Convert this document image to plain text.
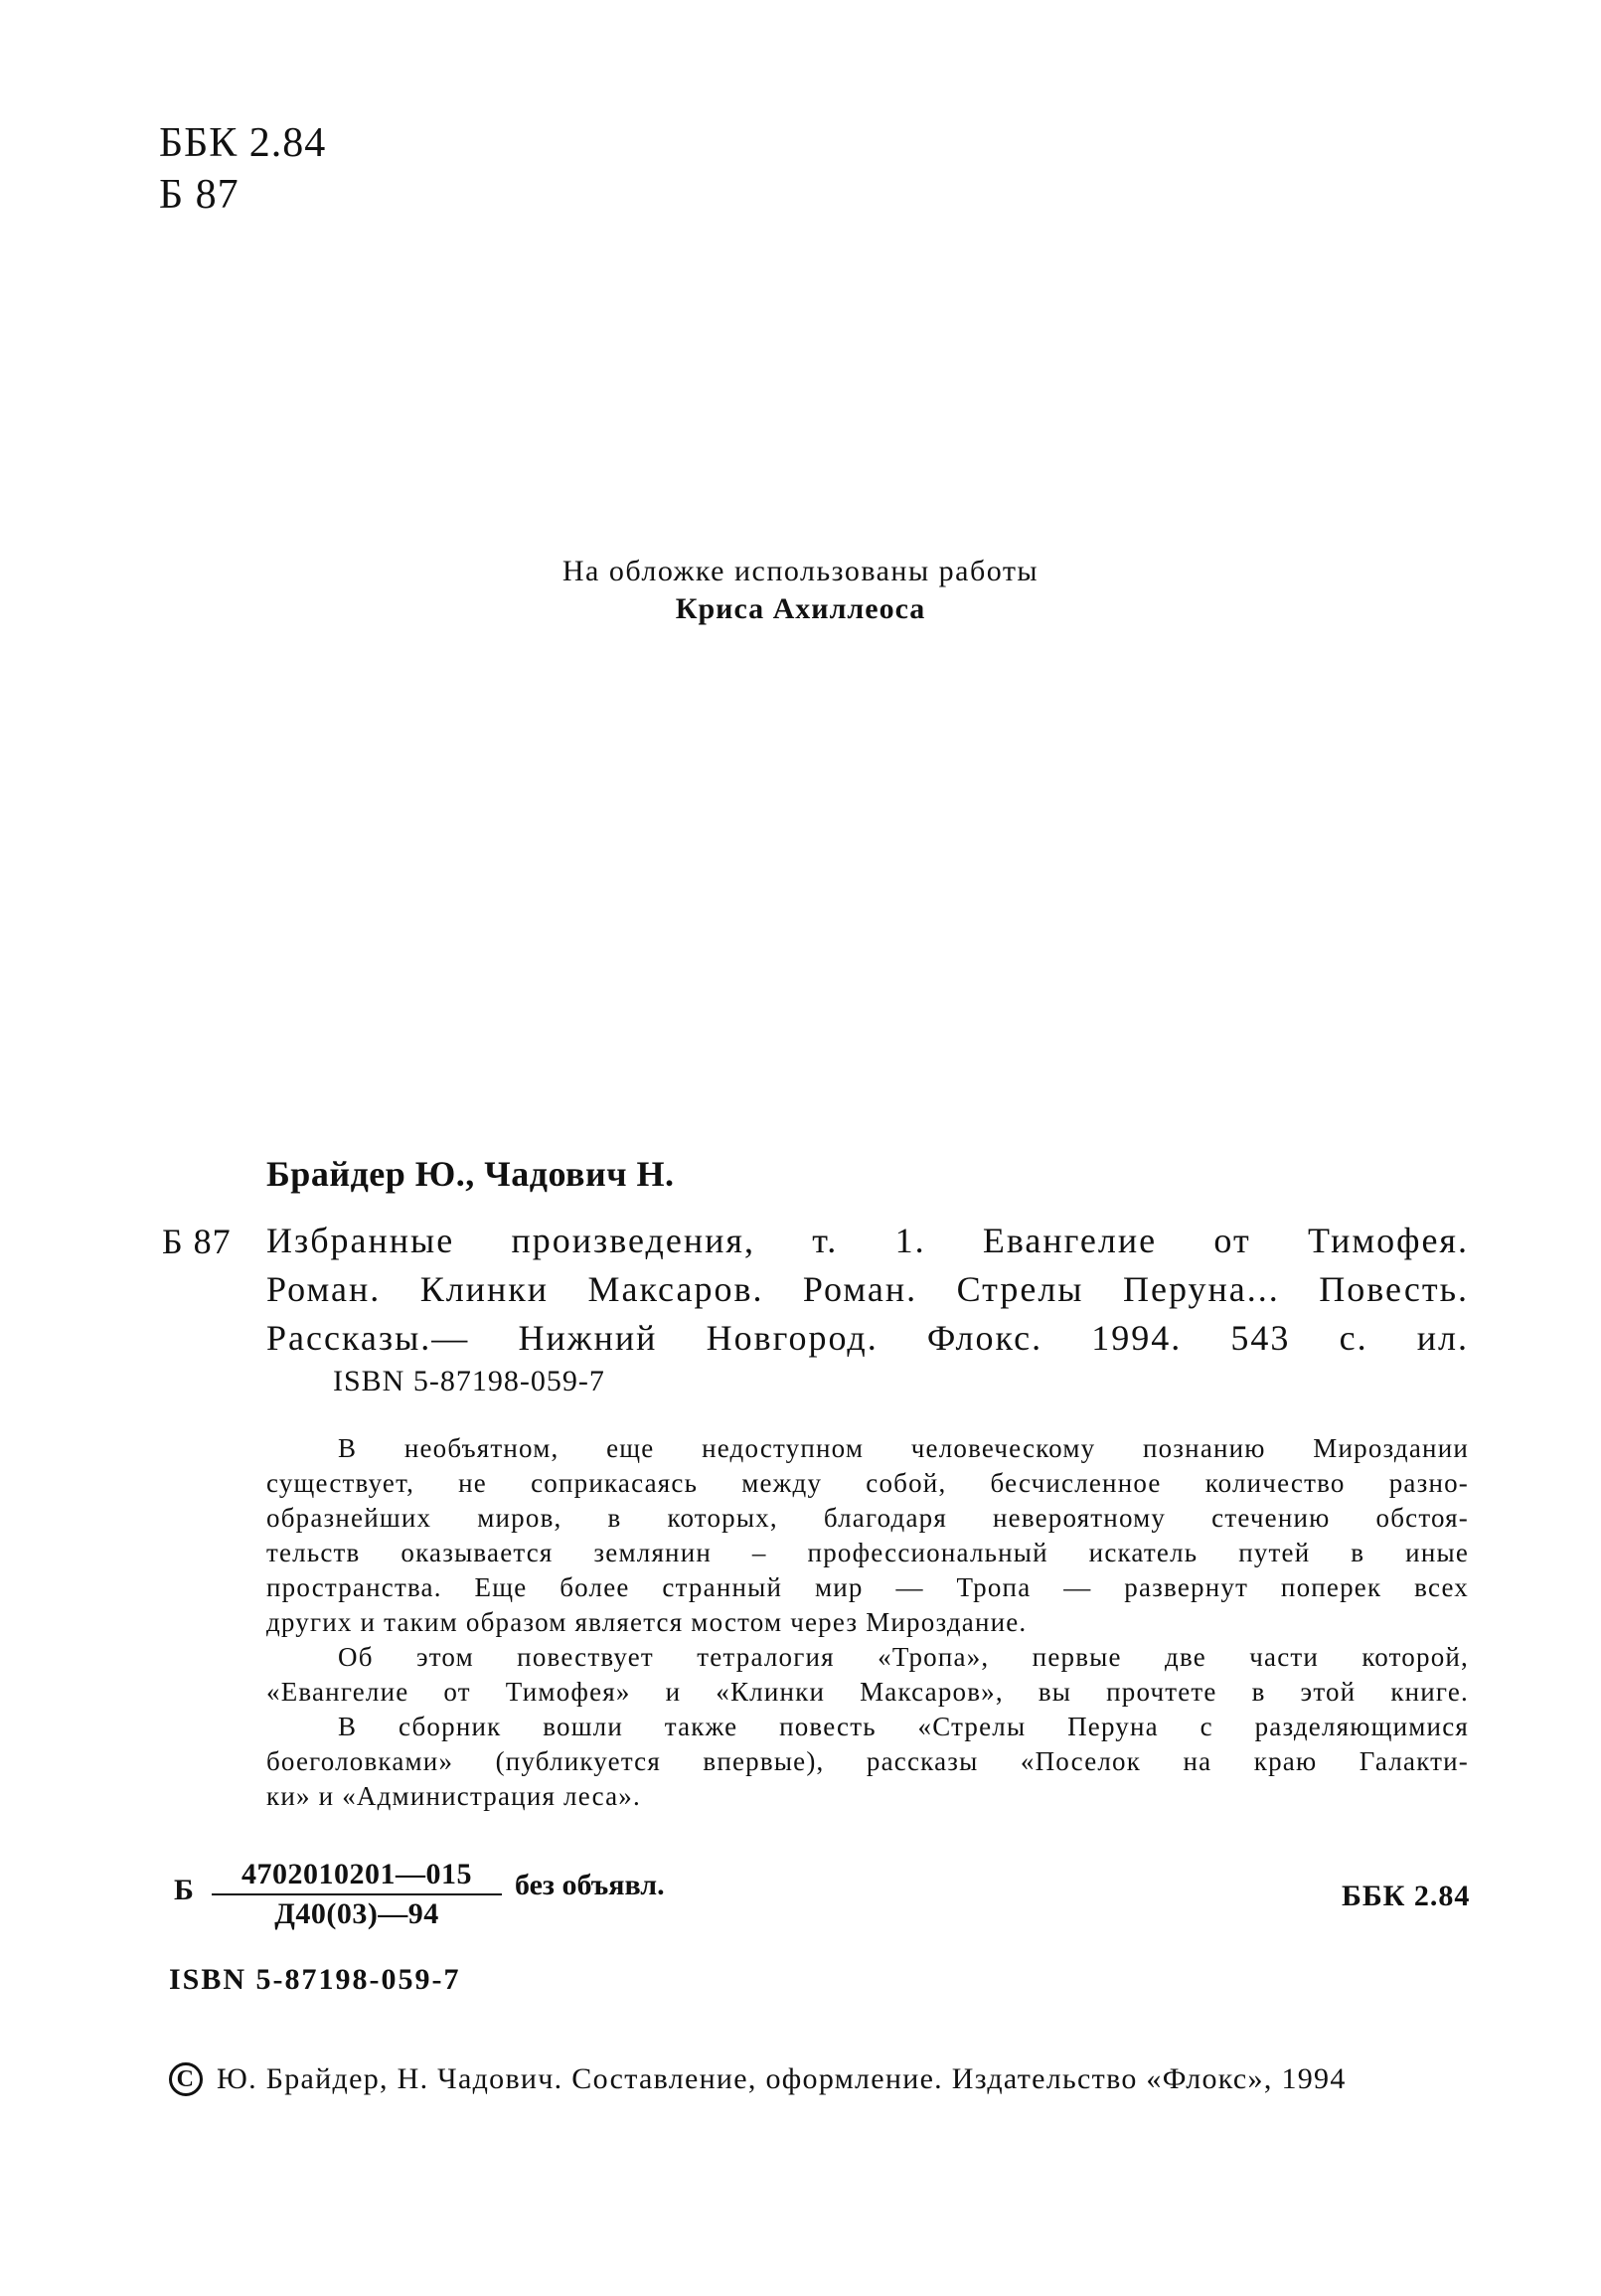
ББК 2.84
Б 87
На обложке использованы работы
Криса Ахиллеоса
Брайдер Ю., Чадович Н.
Б 87 Избранные произведения, т. 1. Евангелие от Тимофея.
Роман. Клинки Максаров. Роман. Стрелы Перуна... Повесть.
Рассказы.— Нижний Новгород. Флокс. 1994. 543 с. ил.
ISBN 5-87198-059-7
В необъятном, еще недоступном человеческому познанию Мироздании
существует, не соприкасаясь между собой, бесчисленное количество разно-
образнейших миров, в которых, благодаря невероятному стечению обстоя-
тельств оказывается землянин – профессиональный искатель путей в иные
пространства. Еще более странный мир — Тропа — развернут поперек всех
других и таким образом является мостом через Мироздание.
Об этом повествует тетралогия «Тропа», первые две части которой,
«Евангелие от Тимофея» и «Клинки Максаров», вы прочтете в этой книге.
В сборник вошли также повесть «Стрелы Перуна с разделяющимися
боеголовками» (публикуется впервые), рассказы «Поселок на краю Галакти-
ки» и «Администрация леса».
Б	4702010201—015
Д40(03)—94
без объявл.	ББК 2.84
ISBN 5-87198-059-7
C Ю. Брайдер, Н. Чадович. Составление, оформление. Издательство «Флокс», 1994
